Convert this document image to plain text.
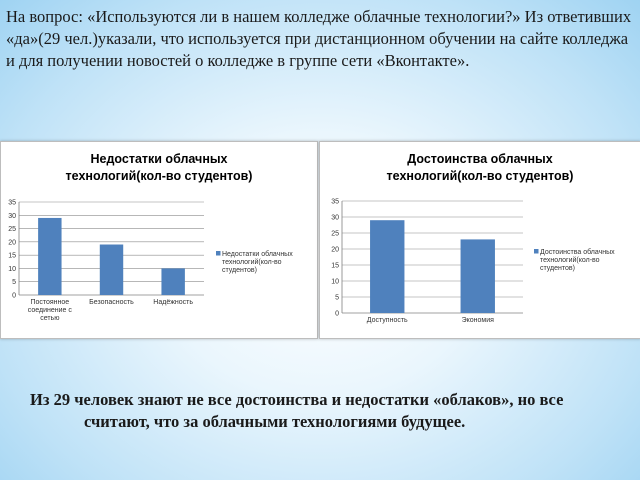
На вопрос: «Используются ли в нашем колледже облачные технологии?» Из ответивших «да»(29 чел.)указали, что используется при дистанционном обучении на сайте колледжа и для получении новостей о колледже в группе сети «Вконтакте».

Недостатки облачных
технологий(кол-во студентов)
0
5
10
15
20
25
30
35
Постоянное
соединение с
сетью
Безопасность	Надёжность
Недостатки облачных
технологий(кол-во
студентов)
Достоинства облачных
технологий(кол-во студентов)
0
5
10
15
20
25
30
35
Доступность	Экономия
Достоинства облачных
технологий(кол-во
студентов)

Из 29 человек знают не все достоинства и недостатки «облаков», но все
считают, что за облачными технологиями будущее.
